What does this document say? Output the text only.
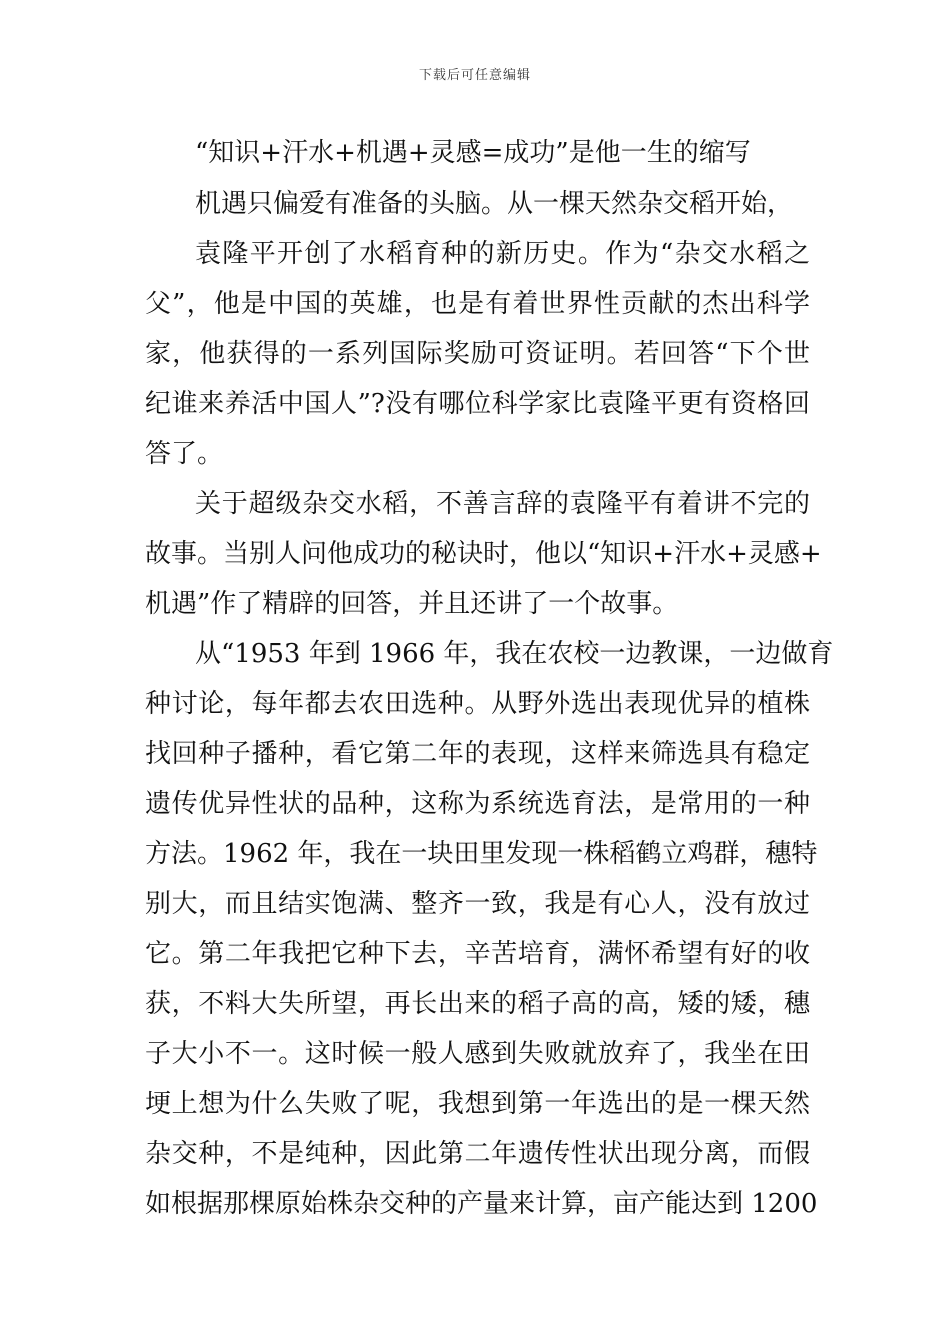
下载后可任意编辑
“知识+汗水+机遇+灵感=成功”是他一生的缩写
机遇只偏爱有准备的头脑。从一棵天然杂交稻开始，
袁隆平开创了水稻育种的新历史。作为“杂交水稻之
父”，他是中国的英雄，也是有着世界性贡献的杰出科学
家，他获得的一系列国际奖励可资证明。若回答“下个世
纪谁来养活中国人”?没有哪位科学家比袁隆平更有资格回
答了。
关于超级杂交水稻，不善言辞的袁隆平有着讲不完的
故事。当别人问他成功的秘诀时，他以“知识+汗水+灵感+
机遇”作了精辟的回答，并且还讲了一个故事。
从“1953 年到 1966 年，我在农校一边教课，一边做育
种讨论，每年都去农田选种。从野外选出表现优异的植株
找回种子播种，看它第二年的表现，这样来筛选具有稳定
遗传优异性状的品种，这称为系统选育法，是常用的一种
方法。1962 年，我在一块田里发现一株稻鹤立鸡群，穗特
别大，而且结实饱满、整齐一致，我是有心人，没有放过
它。第二年我把它种下去，辛苦培育，满怀希望有好的收
获，不料大失所望，再长出来的稻子高的高，矮的矮，穗
子大小不一。这时候一般人感到失败就放弃了，我坐在田
埂上想为什么失败了呢，我想到第一年选出的是一棵天然
杂交种，不是纯种，因此第二年遗传性状出现分离，而假
如根据那棵原始株杂交种的产量来计算，亩产能达到 1200
